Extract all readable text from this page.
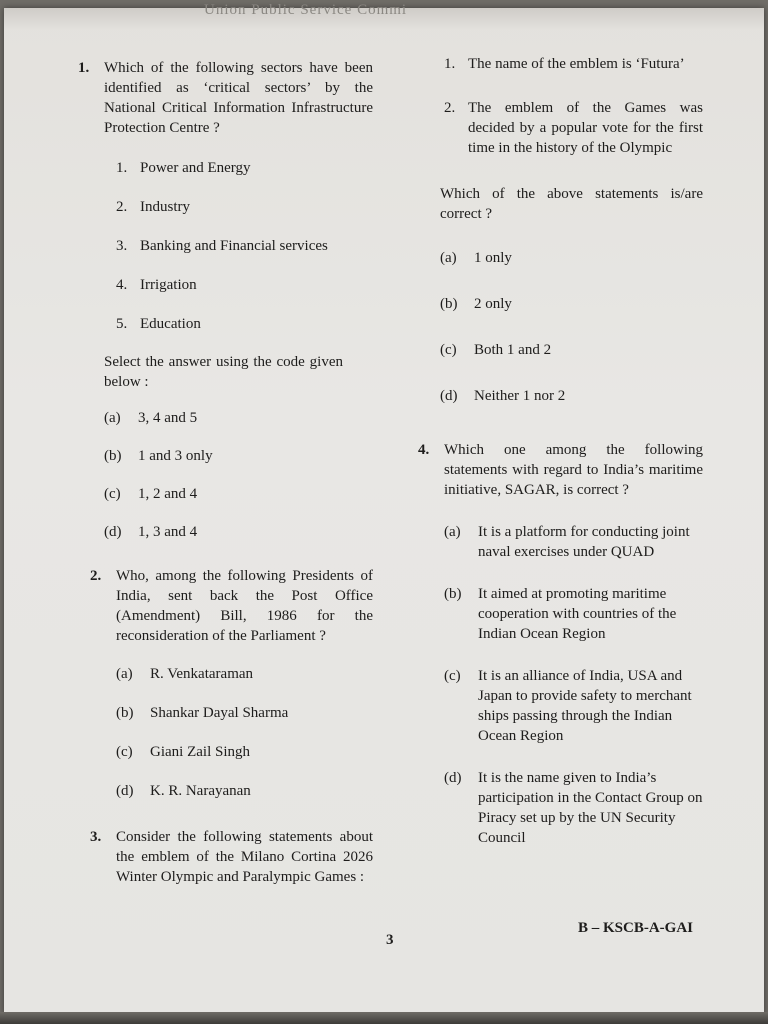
Union Public Service Commi
1. Which of the following sectors have been identified as ‘critical sectors’ by the National Critical Information Infrastructure Protection Centre ?
1. Power and Energy
2. Industry
3. Banking and Financial services
4. Irrigation
5. Education
Select the answer using the code given below :
(a) 3, 4 and 5
(b) 1 and 3 only
(c) 1, 2 and 4
(d) 1, 3 and 4
2. Who, among the following Presidents of India, sent back the Post Office (Amendment) Bill, 1986 for the reconsideration of the Parliament ?
(a) R. Venkataraman
(b) Shankar Dayal Sharma
(c) Giani Zail Singh
(d) K. R. Narayanan
3. Consider the following statements about the emblem of the Milano Cortina 2026 Winter Olympic and Paralympic Games :
1. The name of the emblem is ‘Futura’
2. The emblem of the Games was decided by a popular vote for the first time in the history of the Olympic
Which of the above statements is/are correct ?
(a) 1 only
(b) 2 only
(c) Both 1 and 2
(d) Neither 1 nor 2
4. Which one among the following statements with regard to India’s maritime initiative, SAGAR, is correct ?
(a) It is a platform for conducting joint naval exercises under QUAD
(b) It aimed at promoting maritime cooperation with countries of the Indian Ocean Region
(c) It is an alliance of India, USA and Japan to provide safety to merchant ships passing through the Indian Ocean Region
(d) It is the name given to India’s participation in the Contact Group on Piracy set up by the UN Security Council
3
B – KSCB-A-GAI
